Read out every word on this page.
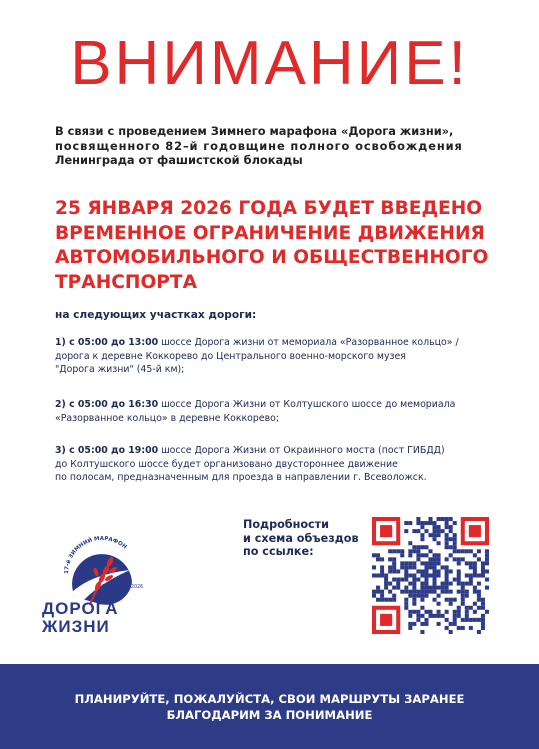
ВНИМАНИЕ!
В связи с проведением Зимнего марафона «Дорога жизни»,
посвященного 82–й годовщине полного освобождения
Ленинграда от фашистской блокады
25 ЯНВАРЯ 2026 ГОДА БУДЕТ ВВЕДЕНО
ВРЕМЕННОЕ ОГРАНИЧЕНИЕ ДВИЖЕНИЯ
АВТОМОБИЛЬНОГО И ОБЩЕСТВЕННОГО
ТРАНСПОРТА
на следующих участках дороги:
1) с 05:00 до 13:00 шоссе Дорога жизни от мемориала «Разорванное кольцо» /
дорога к деревне Коккорево до Центрального военно-морского музея
"Дорога жизни" (45-й км);
2) с 05:00 до 16:30 шоссе Дорога Жизни от Колтушского шоссе до мемориала
«Разорванное кольцо» в деревне Коккорево;
3) с 05:00 до 19:00 шоссе Дорога Жизни от Окраинного моста (пост ГИБДД)
до Колтушского шоссе будет организовано двустороннее движение
по полосам, предназначенным для проезда в направлении г. Всеволожск.
17-й ЗИМНИЙ МАРАФОН
25 ЯНВАРЯ 2026
ДОРОГА
ЖИЗНИ
Подробности
и схема объездов
по ссылке:
ПЛАНИРУЙТЕ, ПОЖАЛУЙСТА, СВОИ МАРШРУТЫ ЗАРАНЕЕ
БЛАГОДАРИМ ЗА ПОНИМАНИЕ
